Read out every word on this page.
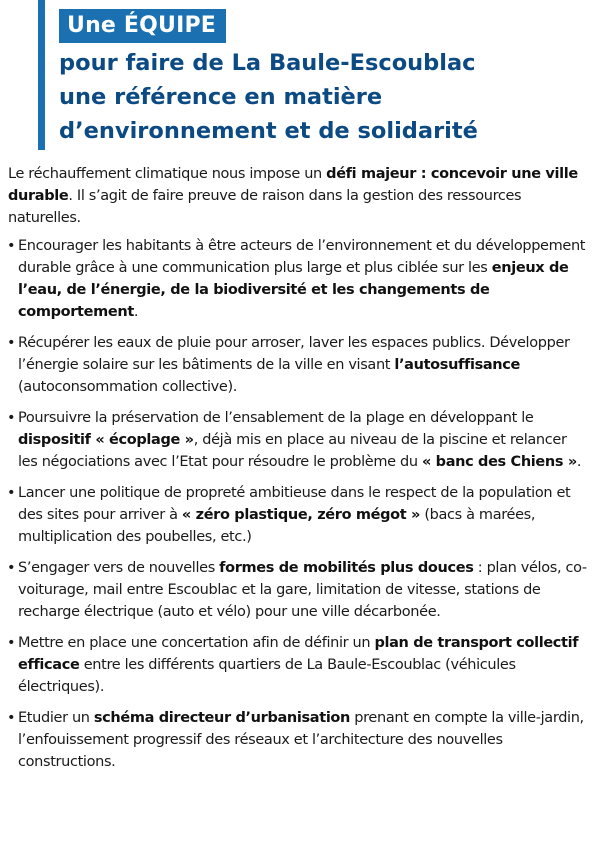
Une ÉQUIPE
pour faire de La Baule-Escoublac
une référence en matière
d’environnement et de solidarité

Le réchauffement climatique nous impose un défi majeur : concevoir une ville durable. Il s’agit de faire preuve de raison dans la gestion des ressources naturelles.

• Encourager les habitants à être acteurs de l’environnement et du développement durable grâce à une communication plus large et plus ciblée sur les enjeux de l’eau, de l’énergie, de la biodiversité et les changements de comportement.
• Récupérer les eaux de pluie pour arroser, laver les espaces publics. Développer l’énergie solaire sur les bâtiments de la ville en visant l’autosuffisance (autoconsommation collective).
• Poursuivre la préservation de l’ensablement de la plage en développant le dispositif « écoplage », déjà mis en place au niveau de la piscine et relancer les négociations avec l’Etat pour résoudre le problème du « banc des Chiens ».
• Lancer une politique de propreté ambitieuse dans le respect de la population et des sites pour arriver à « zéro plastique, zéro mégot » (bacs à marées, multiplication des poubelles, etc.)
• S’engager vers de nouvelles formes de mobilités plus douces : plan vélos, co-voiturage, mail entre Escoublac et la gare, limitation de vitesse, stations de recharge électrique (auto et vélo) pour une ville décarbonée.
• Mettre en place une concertation afin de définir un plan de transport collectif efficace entre les différents quartiers de La Baule-Escoublac (véhicules électriques).
• Etudier un schéma directeur d’urbanisation prenant en compte la ville-jardin, l’enfouissement progressif des réseaux et l’architecture des nouvelles constructions.
